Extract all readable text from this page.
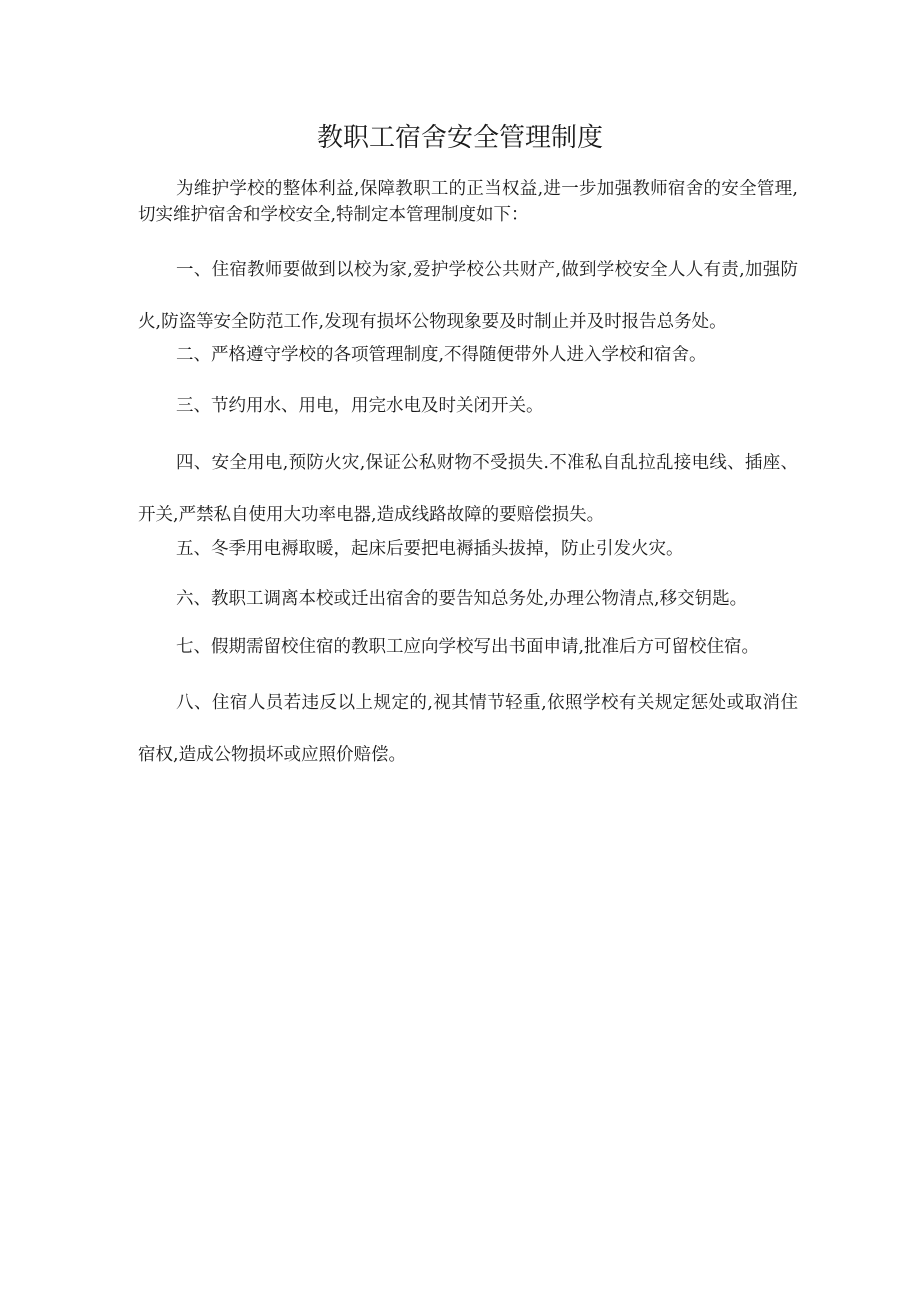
教职工宿舍安全管理制度

为维护学校的整体利益,保障教职工的正当权益,进一步加强教师宿舍的安全管理,切实维护宿舍和学校安全,特制定本管理制度如下：

一、住宿教师要做到以校为家,爱护学校公共财产,做到学校安全人人有责,加强防火,防盗等安全防范工作,发现有损坏公物现象要及时制止并及时报告总务处。

二、严格遵守学校的各项管理制度,不得随便带外人进入学校和宿舍。

三、节约用水、用电，用完水电及时关闭开关。

四、安全用电,预防火灾,保证公私财物不受损失.不准私自乱拉乱接电线、插座、开关,严禁私自使用大功率电器,造成线路故障的要赔偿损失。

五、冬季用电褥取暖，起床后要把电褥插头拔掉，防止引发火灾。

六、教职工调离本校或迁出宿舍的要告知总务处,办理公物清点,移交钥匙。

七、假期需留校住宿的教职工应向学校写出书面申请,批准后方可留校住宿。

八、住宿人员若违反以上规定的,视其情节轻重,依照学校有关规定惩处或取消住宿权,造成公物损坏或应照价赔偿。
